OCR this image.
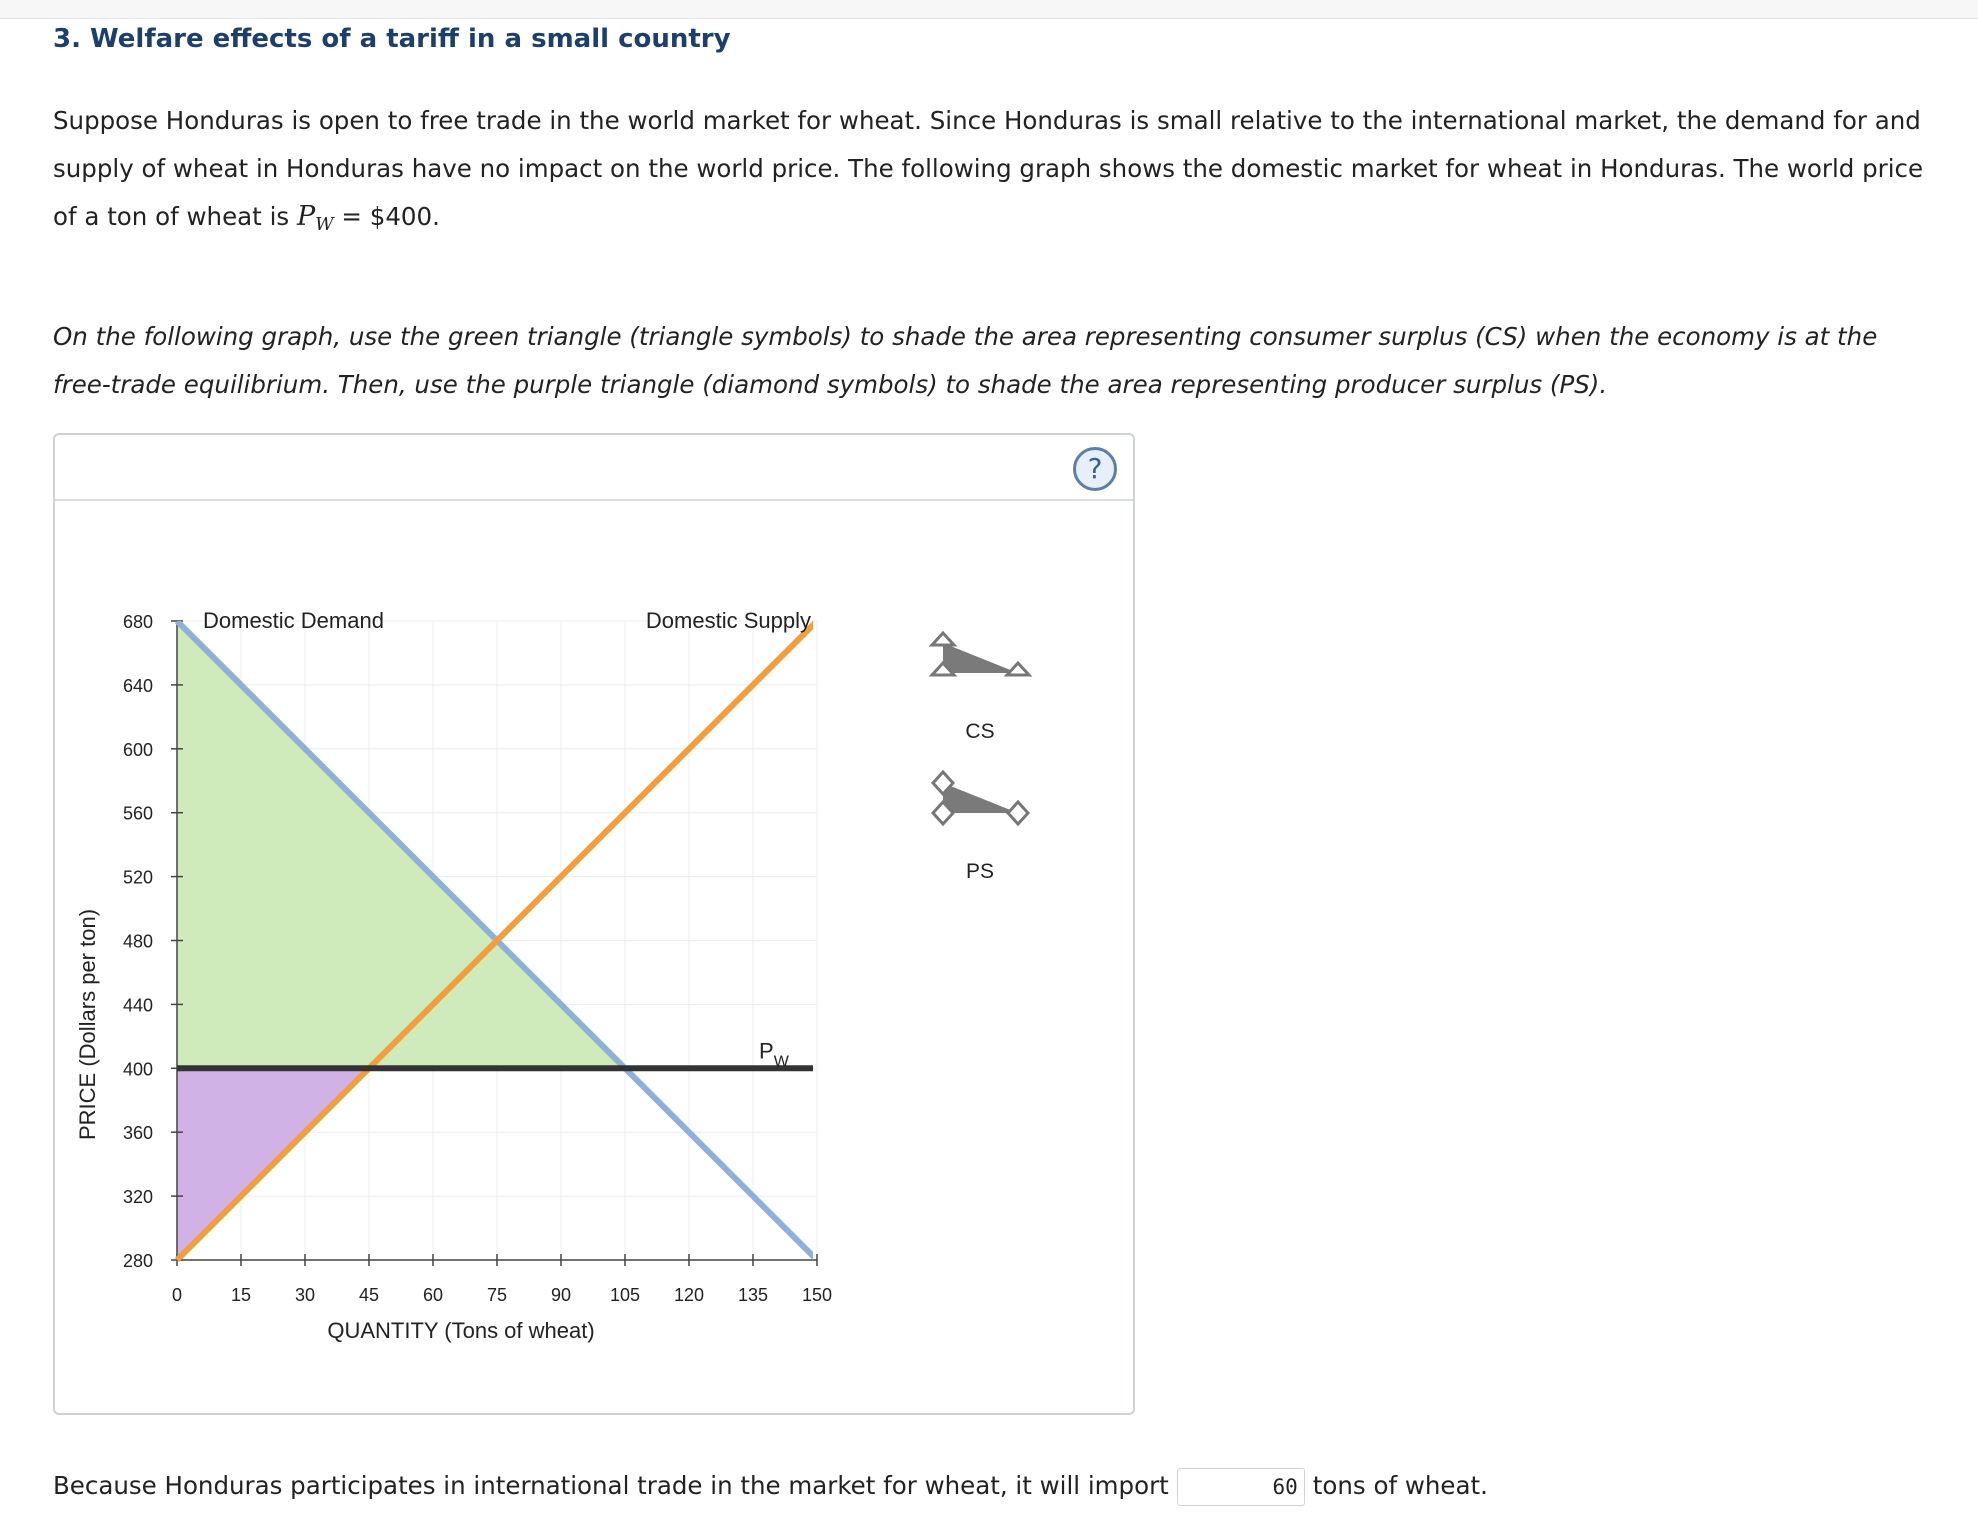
3. Welfare effects of a tariff in a small country

Suppose Honduras is open to free trade in the world market for wheat. Since Honduras is small relative to the international market, the demand for and supply of wheat in Honduras have no impact on the world price. The following graph shows the domestic market for wheat in Honduras. The world price of a ton of wheat is PW = $400.

On the following graph, use the green triangle (triangle symbols) to shade the area representing consumer surplus (CS) when the economy is at the free-trade equilibrium. Then, use the purple triangle (diamond symbols) to shade the area representing producer surplus (PS).

?
280
320
360
400
440
480
520
560
600
640
680
0	15 30 45 60 75 90 105 120 135 150
QUANTITY (Tons of wheat)
PRICE (Dollars per ton)
Domestic Demand	Domestic Supply
$P_W$
CS
PS

Because Honduras participates in international trade in the market for wheat, it will import	60 tons of wheat.
